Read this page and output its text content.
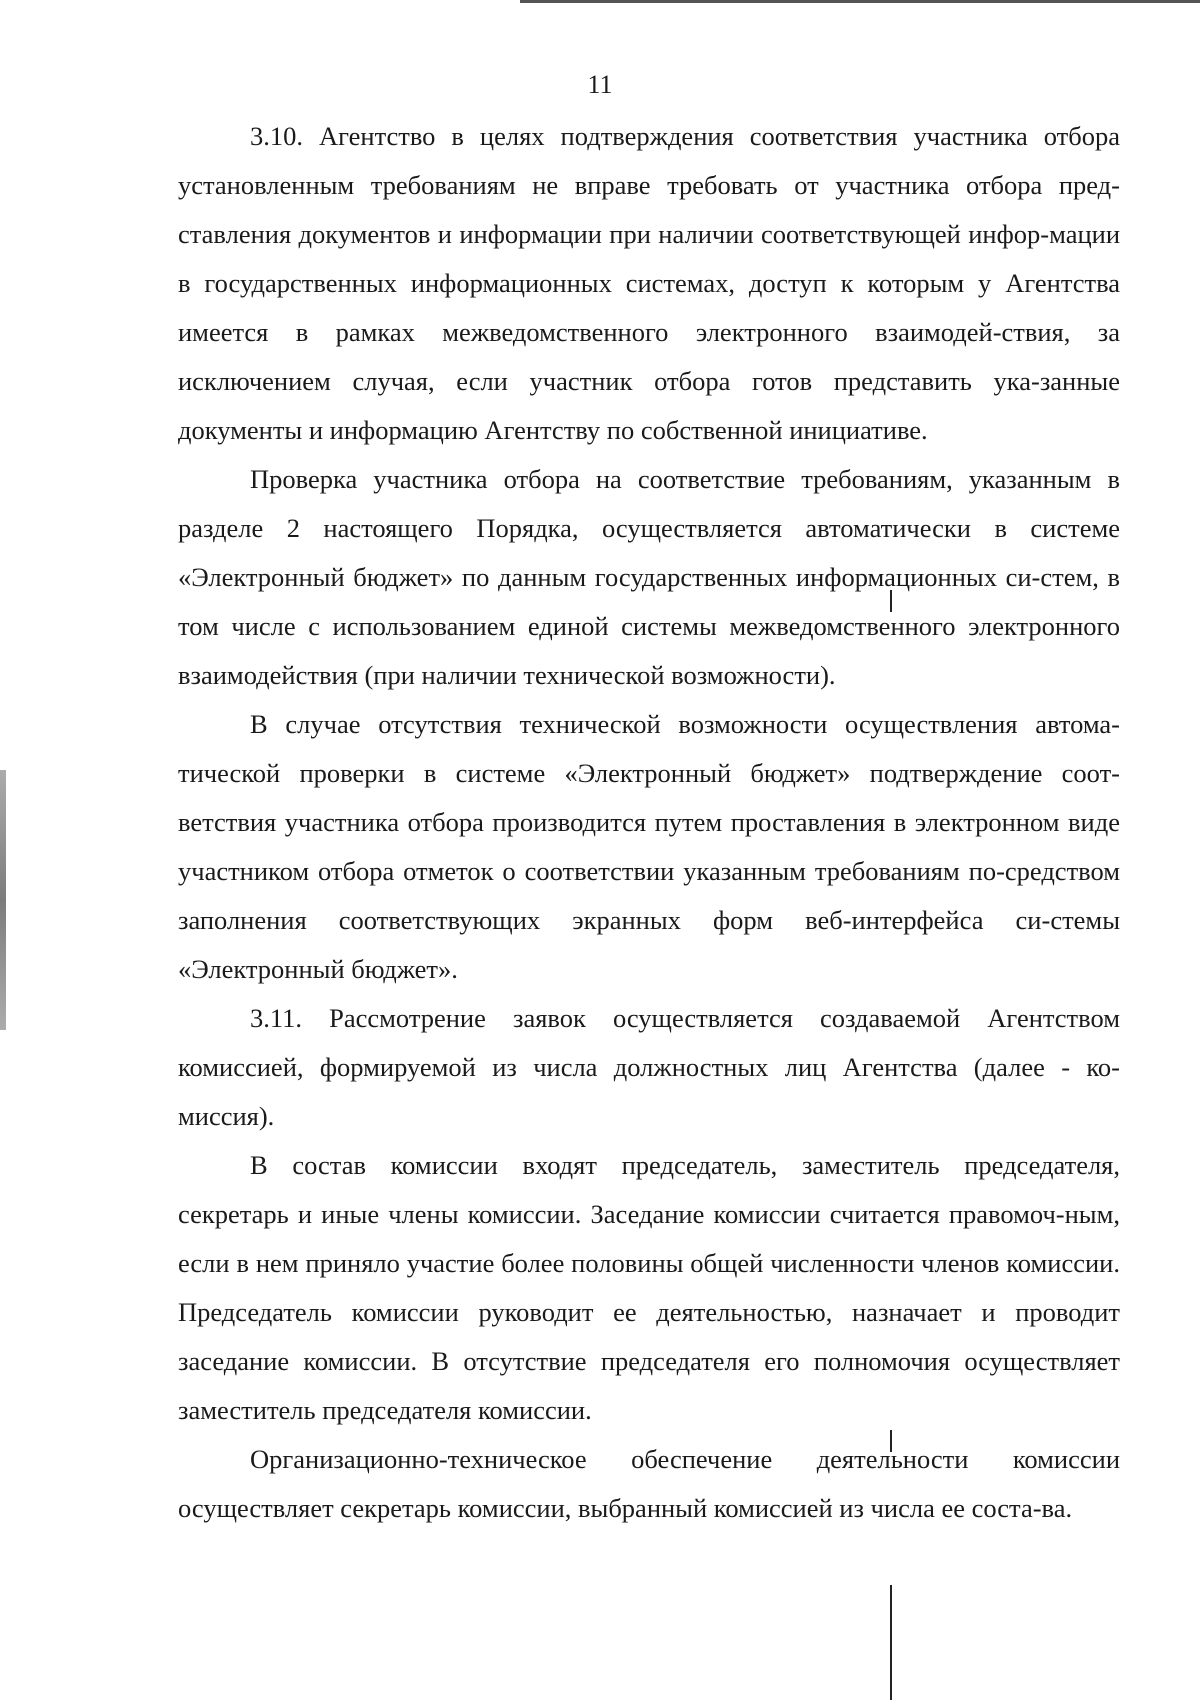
11

3.10. Агентство в целях подтверждения соответствия участника отбора установленным требованиям не вправе требовать от участника отбора пред-ставления документов и информации при наличии соответствующей инфор-мации в государственных информационных системах, доступ к которым у Агентства имеется в рамках межведомственного электронного взаимодей-ствия, за исключением случая, если участник отбора готов представить ука-занные документы и информацию Агентству по собственной инициативе.

Проверка участника отбора на соответствие требованиям, указанным в разделе 2 настоящего Порядка, осуществляется автоматически в системе «Электронный бюджет» по данным государственных информационных си-стем, в том числе с использованием единой системы межведомственного электронного взаимодействия (при наличии технической возможности).

В случае отсутствия технической возможности осуществления автома-тической проверки в системе «Электронный бюджет» подтверждение соот-ветствия участника отбора производится путем проставления в электронном виде участником отбора отметок о соответствии указанным требованиям по-средством заполнения соответствующих экранных форм веб-интерфейса си-стемы «Электронный бюджет».

3.11. Рассмотрение заявок осуществляется создаваемой Агентством комиссией, формируемой из числа должностных лиц Агентства (далее - ко-миссия).

В состав комиссии входят председатель, заместитель председателя, секретарь и иные члены комиссии. Заседание комиссии считается правомоч-ным, если в нем приняло участие более половины общей численности членов комиссии. Председатель комиссии руководит ее деятельностью, назначает и проводит заседание комиссии. В отсутствие председателя его полномочия осуществляет заместитель председателя комиссии.

Организационно-техническое обеспечение деятельности комиссии осуществляет секретарь комиссии, выбранный комиссией из числа ее соста-ва.
